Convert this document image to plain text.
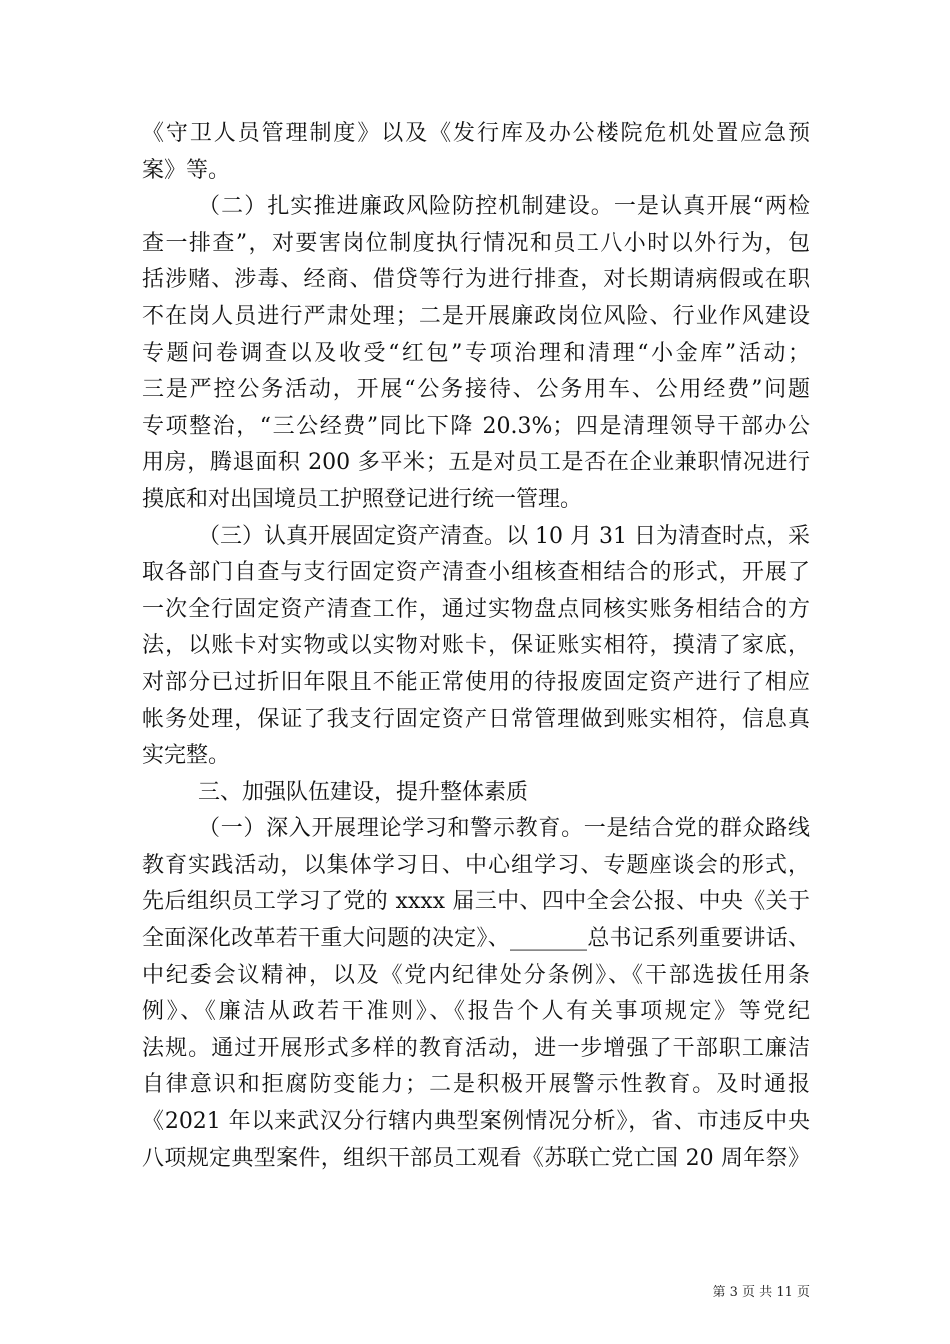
《守卫人员管理制度》以及《发行库及办公楼院危机处置应急预
案》等。
（二）扎实推进廉政风险防控机制建设。一是认真开展“两检
查一排查”，对要害岗位制度执行情况和员工八小时以外行为，包
括涉赌、涉毒、经商、借贷等行为进行排查，对长期请病假或在职
不在岗人员进行严肃处理；二是开展廉政岗位风险、行业作风建设
专题问卷调查以及收受“红包”专项治理和清理“小金库”活动；
三是严控公务活动，开展“公务接待、公务用车、公用经费”问题
专项整治，“三公经费”同比下降 20.3%；四是清理领导干部办公
用房，腾退面积 200 多平米；五是对员工是否在企业兼职情况进行
摸底和对出国境员工护照登记进行统一管理。
（三）认真开展固定资产清查。以 10 月 31 日为清查时点，采
取各部门自查与支行固定资产清查小组核查相结合的形式，开展了
一次全行固定资产清查工作，通过实物盘点同核实账务相结合的方
法，以账卡对实物或以实物对账卡，保证账实相符，摸清了家底，
对部分已过折旧年限且不能正常使用的待报废固定资产进行了相应
帐务处理，保证了我支行固定资产日常管理做到账实相符，信息真
实完整。
三、加强队伍建设，提升整体素质
（一）深入开展理论学习和警示教育。一是结合党的群众路线
教育实践活动，以集体学习日、中心组学习、专题座谈会的形式，
先后组织员工学习了党的 xxxx 届三中、四中全会公报、中央《关于
全面深化改革若干重大问题的决定》、_______总书记系列重要讲话、
中纪委会议精神，以及《党内纪律处分条例》、《干部选拔任用条
例》、《廉洁从政若干准则》、《报告个人有关事项规定》等党纪
法规。通过开展形式多样的教育活动，进一步增强了干部职工廉洁
自律意识和拒腐防变能力；二是积极开展警示性教育。及时通报
《2021 年以来武汉分行辖内典型案例情况分析》，省、市违反中央
八项规定典型案件，组织干部员工观看《苏联亡党亡国 20 周年祭》
第 3 页 共 11 页
